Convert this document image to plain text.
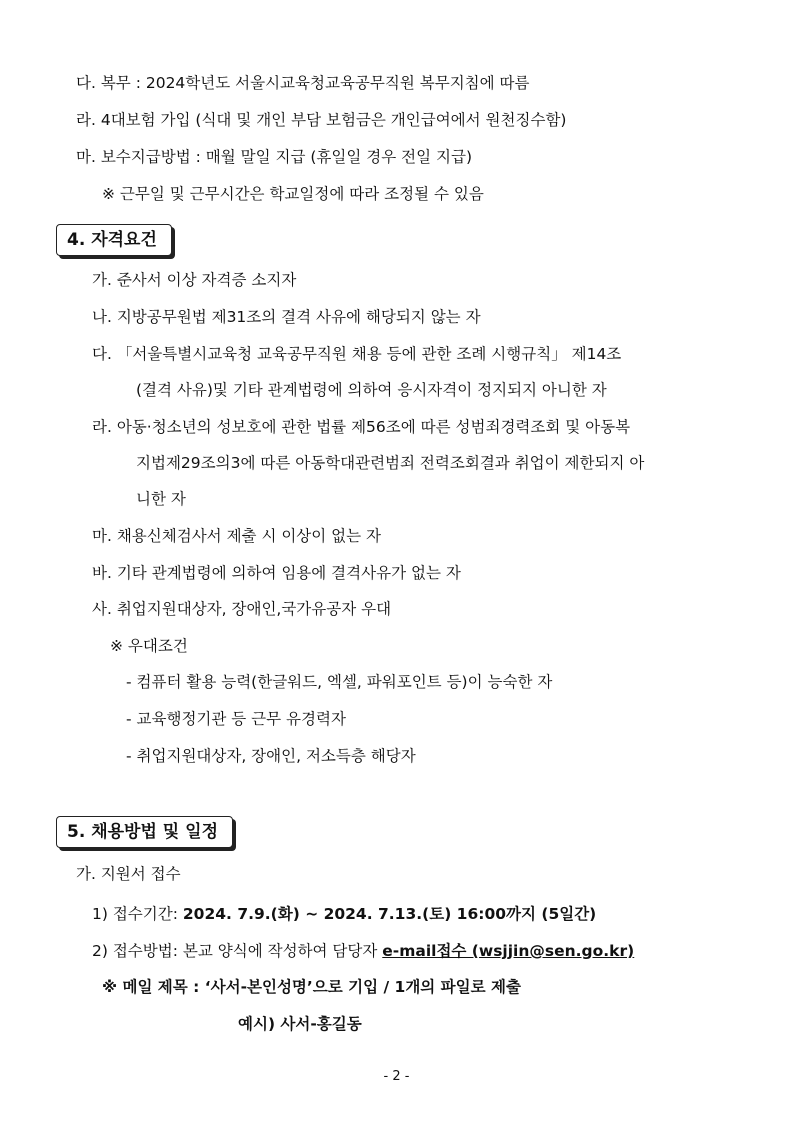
다. 복무 : 2024학년도 서울시교육청교육공무직원 복무지침에 따름
라. 4대보험 가입 (식대 및 개인 부담 보험금은 개인급여에서 원천징수함)
마. 보수지급방법 : 매월 말일 지급 (휴일일 경우 전일 지급)
※ 근무일 및 근무시간은 학교일정에 따라 조정될 수 있음
4. 자격요건
가. 준사서 이상 자격증 소지자
나. 지방공무원법 제31조의 결격 사유에 해당되지 않는 자
다. 「서울특별시교육청 교육공무직원 채용 등에 관한 조례 시행규칙」 제14조
(결격 사유)및 기타 관계법령에 의하여 응시자격이 정지되지 아니한 자
라. 아동·청소년의 성보호에 관한 법률 제56조에 따른 성범죄경력조회 및 아동복
지법제29조의3에 따른 아동학대관련범죄 전력조회결과 취업이 제한되지 아
니한 자
마. 채용신체검사서 제출 시 이상이 없는 자
바. 기타 관계법령에 의하여 임용에 결격사유가 없는 자
사. 취업지원대상자, 장애인,국가유공자 우대
※ 우대조건
- 컴퓨터 활용 능력(한글워드, 엑셀, 파워포인트 등)이 능숙한 자
- 교육행정기관 등 근무 유경력자
- 취업지원대상자, 장애인, 저소득층 해당자
5. 채용방법 및 일정
가. 지원서 접수
1) 접수기간: 2024. 7.9.(화) ~ 2024. 7.13.(토) 16:00까지 (5일간)
2) 접수방법: 본교 양식에 작성하여 담당자 e-mail접수 (wsjjin@sen.go.kr)
※ 메일 제목 : ‘사서-본인성명’으로 기입 / 1개의 파일로 제출
예시) 사서-홍길동
- 2 -
